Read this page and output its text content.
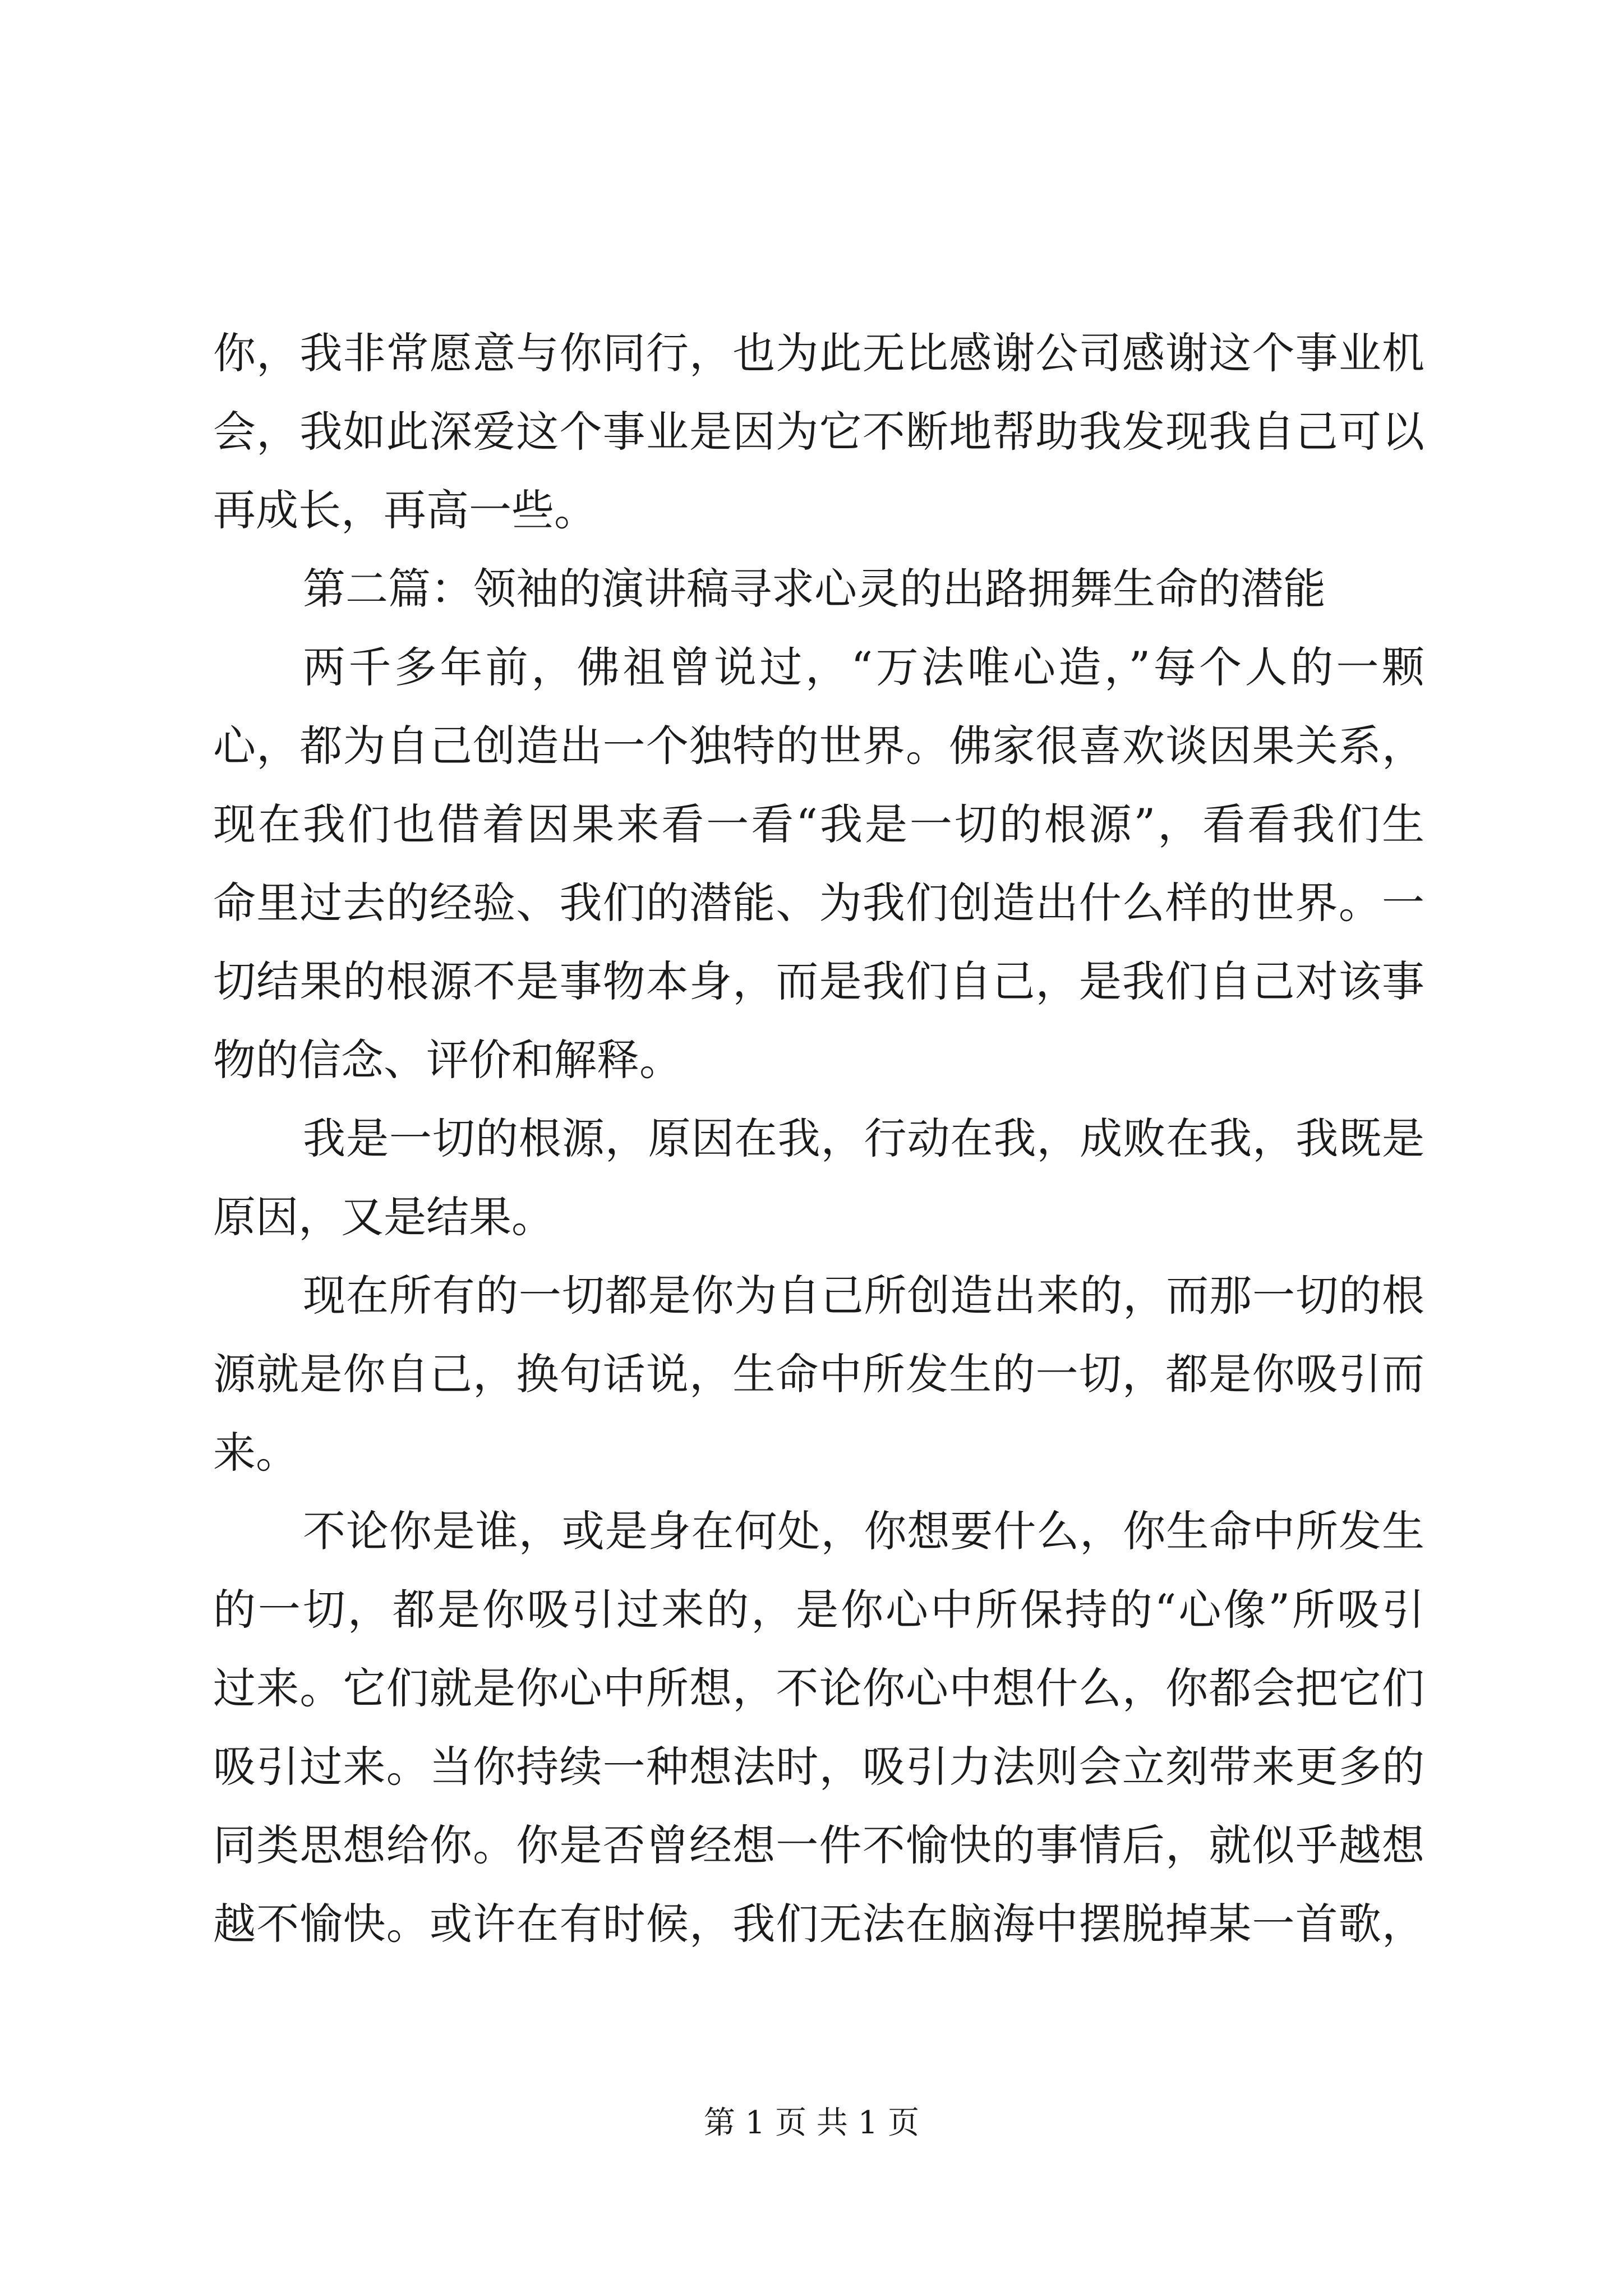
你，我非常愿意与你同行，也为此无比感谢公司感谢这个事业机
会，我如此深爱这个事业是因为它不断地帮助我发现我自己可以
再成长，再高一些。
第二篇：领袖的演讲稿寻求心灵的出路拥舞生命的潜能
两千多年前，佛祖曾说过，“万法唯心造，”每个人的一颗
心，都为自己创造出一个独特的世界。佛家很喜欢谈因果关系，
现在我们也借着因果来看一看“我是一切的根源”，看看我们生
命里过去的经验、我们的潜能、为我们创造出什么样的世界。一
切结果的根源不是事物本身，而是我们自己，是我们自己对该事
物的信念、评价和解释。
我是一切的根源，原因在我，行动在我，成败在我，我既是
原因，又是结果。
现在所有的一切都是你为自己所创造出来的，而那一切的根
源就是你自己，换句话说，生命中所发生的一切，都是你吸引而
来。
不论你是谁，或是身在何处，你想要什么，你生命中所发生
的一切，都是你吸引过来的，是你心中所保持的“心像”所吸引
过来。它们就是你心中所想，不论你心中想什么，你都会把它们
吸引过来。当你持续一种想法时，吸引力法则会立刻带来更多的
同类思想给你。你是否曾经想一件不愉快的事情后，就似乎越想
越不愉快。或许在有时候，我们无法在脑海中摆脱掉某一首歌，
第 1 页 共 1 页
